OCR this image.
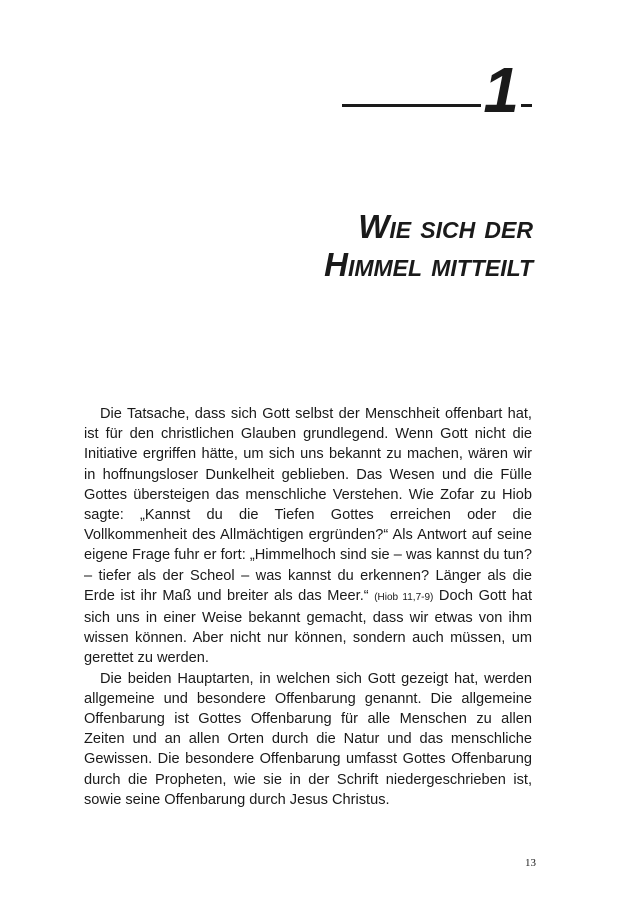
1
Wie sich der
Himmel mitteilt

Die Tatsache, dass sich Gott selbst der Menschheit offenbart hat, ist für den christlichen Glauben grundlegend. Wenn Gott nicht die Initiative ergriffen hätte, um sich uns bekannt zu machen, wären wir in hoffnungsloser Dunkelheit geblieben. Das Wesen und die Fülle Gottes übersteigen das menschliche Verstehen. Wie Zofar zu Hiob sagte: „Kannst du die Tiefen Gottes erreichen oder die Vollkommenheit des Allmächtigen ergründen?“ Als Antwort auf seine eigene Frage fuhr er fort: „Himmelhoch sind sie – was kannst du tun? – tiefer als der Scheol – was kannst du erkennen? Länger als die Erde ist ihr Maß und breiter als das Meer.“ (Hiob 11,7-9) Doch Gott hat sich uns in einer Weise bekannt gemacht, dass wir etwas von ihm wissen können. Aber nicht nur können, sondern auch müssen, um gerettet zu werden.

Die beiden Hauptarten, in welchen sich Gott gezeigt hat, werden allgemeine und besondere Offenbarung genannt. Die allgemeine Offenbarung ist Gottes Offenbarung für alle Menschen zu allen Zeiten und an allen Orten durch die Natur und das menschliche Gewissen. Die besondere Offenbarung umfasst Gottes Offenbarung durch die Propheten, wie sie in der Schrift niedergeschrieben ist, sowie seine Offenbarung durch Jesus Christus.

13
